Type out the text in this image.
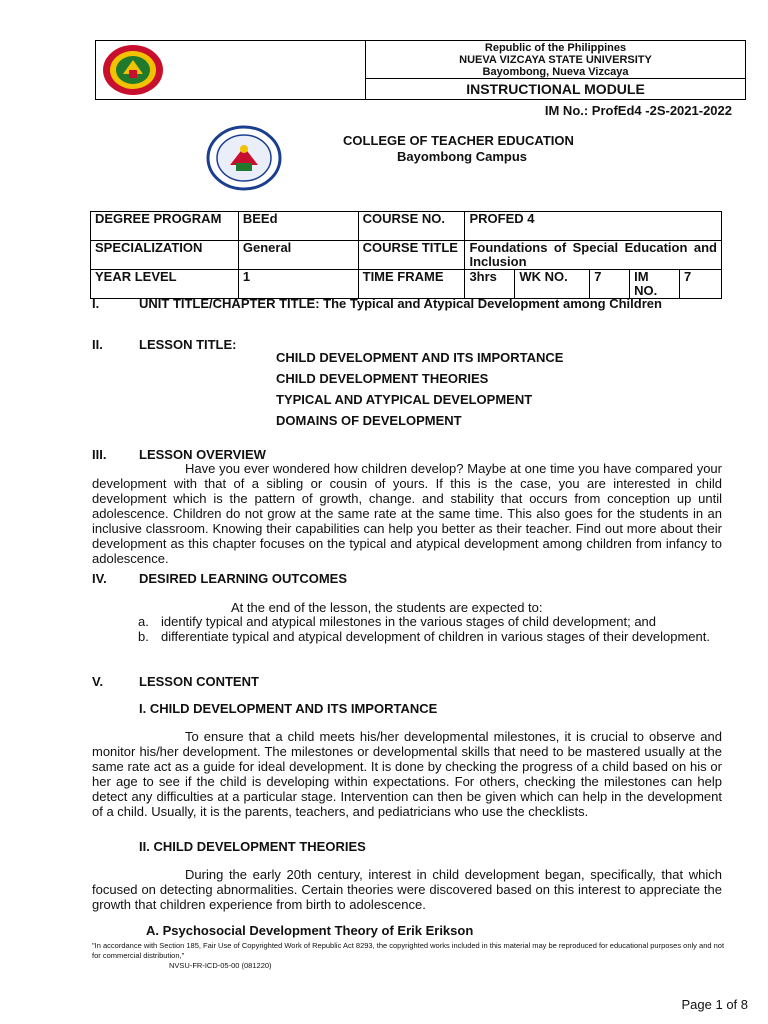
Republic of the Philippines
NUEVA VIZCAYA STATE UNIVERSITY
Bayombong, Nueva Vizcaya
INSTRUCTIONAL MODULE
IM No.: ProfEd4 -2S-2021-2022
COLLEGE OF TEACHER EDUCATION
Bayombong Campus
DEGREE PROGRAM	BEEd	COURSE NO.	PROFED 4				
SPECIALIZATION	General	COURSE TITLE	Foundations of Special Education and Inclusion				
YEAR LEVEL	1	TIME FRAME	3hrs	WK NO.	7	IM NO.	7
I.	UNIT TITLE/CHAPTER TITLE: The Typical and Atypical Development among Children
II.	LESSON TITLE:
CHILD DEVELOPMENT AND ITS IMPORTANCE
CHILD DEVELOPMENT THEORIES
TYPICAL AND ATYPICAL DEVELOPMENT
DOMAINS OF DEVELOPMENT
III.	LESSON OVERVIEW
Have you ever wondered how children develop? Maybe at one time you have compared your development with that of a sibling or cousin of yours. If this is the case, you are interested in child development which is the pattern of growth, change. and stability that occurs from conception up until adolescence. Children do not grow at the same rate at the same time. This also goes for the students in an inclusive classroom. Knowing their capabilities can help you better as their teacher. Find out more about their development as this chapter focuses on the typical and atypical development among children from infancy to adolescence.
IV. DESIRED LEARNING OUTCOMES
At the end of the lesson, the students are expected to:
a. identify typical and atypical milestones in the various stages of child development; and
b. differentiate typical and atypical development of children in various stages of their development.
V.	LESSON CONTENT
I. CHILD DEVELOPMENT AND ITS IMPORTANCE
To ensure that a child meets his/her developmental milestones, it is crucial to observe and monitor his/her development. The milestones or developmental skills that need to be mastered usually at the same rate act as a guide for ideal development. It is done by checking the progress of a child based on his or her age to see if the child is developing within expectations. For others, checking the milestones can help detect any difficulties at a particular stage. Intervention can then be given which can help in the development of a child. Usually, it is the parents, teachers, and pediatricians who use the checklists.
II. CHILD DEVELOPMENT THEORIES
During the early 20th century, interest in child development began, specifically, that which focused on detecting abnormalities. Certain theories were discovered based on this interest to appreciate the growth that children experience from birth to adolescence.
A. Psychosocial Development Theory of Erik Erikson
"In accordance with Section 185, Fair Use of Copyrighted Work of Republic Act 8293, the copyrighted works included in this material may be reproduced for educational purposes only and not for commercial distribution,"
NVSU-FR-ICD-05-00 (081220)
Page 1 of 8
